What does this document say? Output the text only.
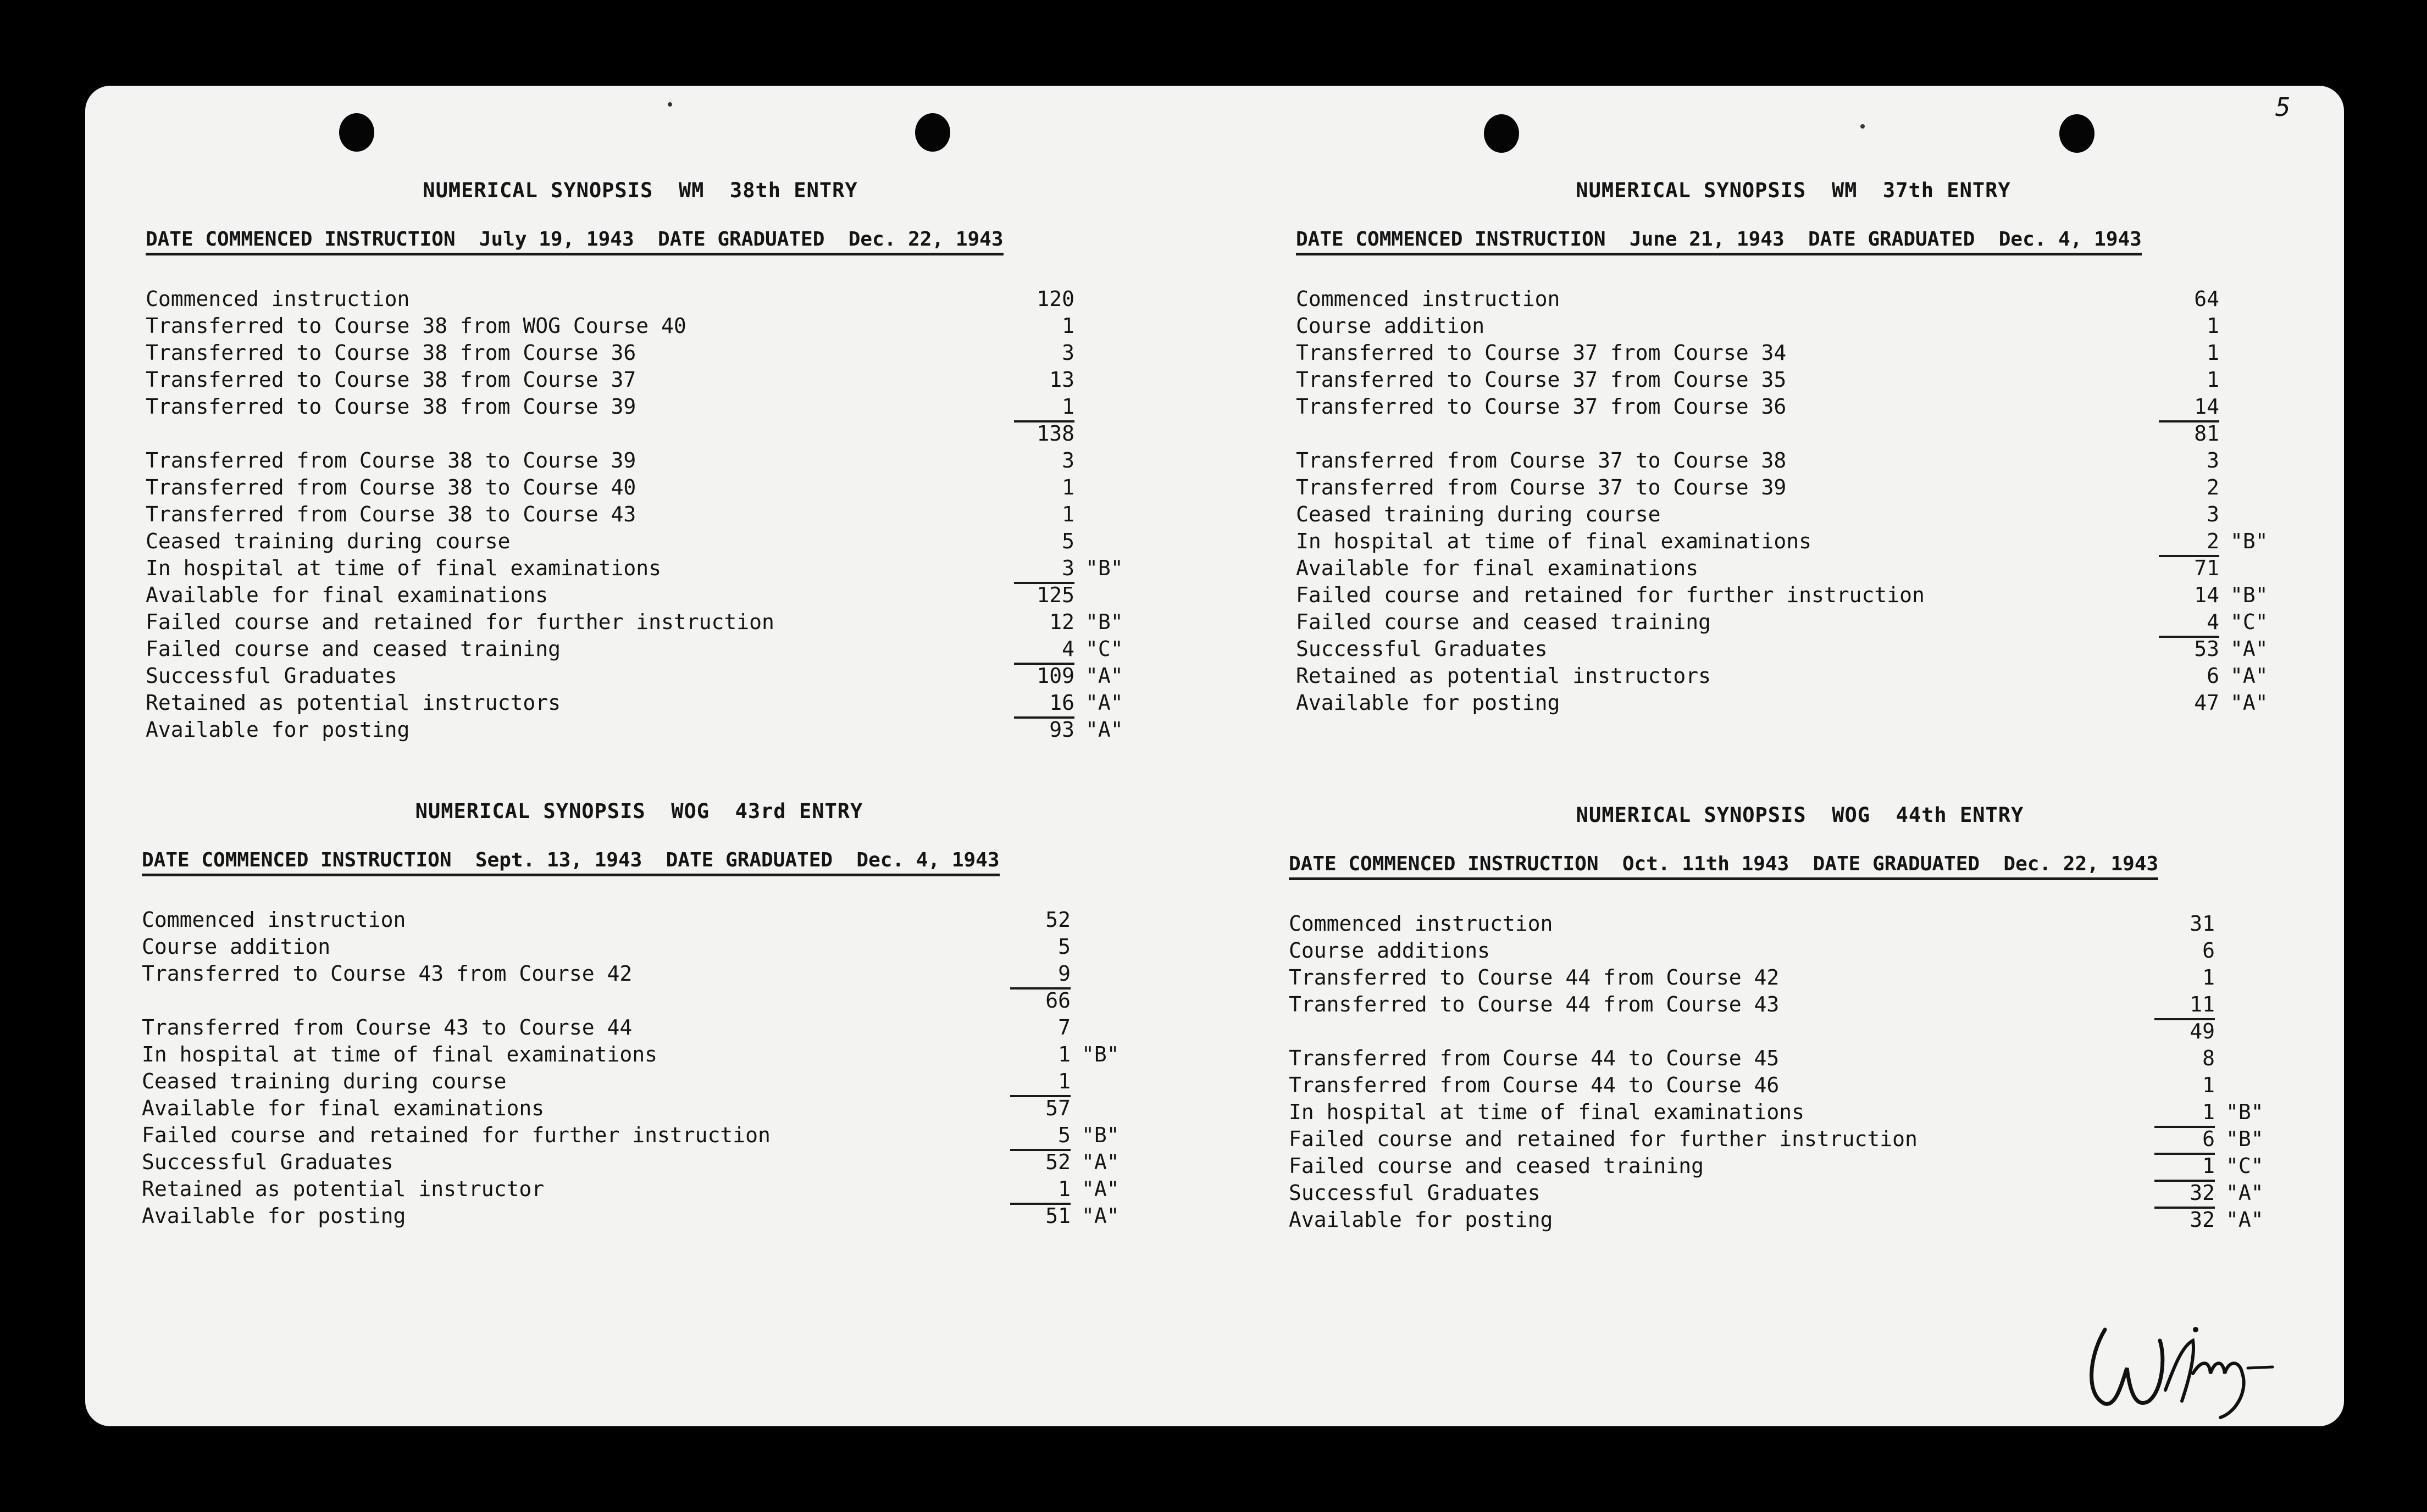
5
NUMERICAL SYNOPSIS  WM  38th ENTRY
DATE COMMENCED INSTRUCTION  July 19, 1943  DATE GRADUATED  Dec. 22, 1943
Commenced instruction	120
Transferred to Course 38 from WOG Course 40	1
Transferred to Course 38 from Course 36	3
Transferred to Course 38 from Course 37	13
Transferred to Course 38 from Course 39	1
138
Transferred from Course 38 to Course 39	3
Transferred from Course 38 to Course 40	1
Transferred from Course 38 to Course 43	1
Ceased training during course	5
In hospital at time of final examinations	3 "B"
Available for final examinations	125
Failed course and retained for further instruction	12 "B"
Failed course and ceased training	4 "C"
Successful Graduates	109 "A"
Retained as potential instructors	16 "A"
Available for posting	93 "A"
NUMERICAL SYNOPSIS  WM  37th ENTRY
DATE COMMENCED INSTRUCTION  June 21, 1943  DATE GRADUATED  Dec. 4, 1943
Commenced instruction	64
Course addition	1
Transferred to Course 37 from Course 34	1
Transferred to Course 37 from Course 35	1
Transferred to Course 37 from Course 36	14
81
Transferred from Course 37 to Course 38	3
Transferred from Course 37 to Course 39	2
Ceased training during course	3
In hospital at time of final examinations	2 "B"
Available for final examinations	71
Failed course and retained for further instruction	14 "B"
Failed course and ceased training	4 "C"
Successful Graduates	53 "A"
Retained as potential instructors	6 "A"
Available for posting	47 "A"
NUMERICAL SYNOPSIS  WOG  43rd ENTRY
DATE COMMENCED INSTRUCTION  Sept. 13, 1943  DATE GRADUATED  Dec. 4, 1943
Commenced instruction	52
Course addition	5
Transferred to Course 43 from Course 42	9
66
Transferred from Course 43 to Course 44	7
In hospital at time of final examinations	1 "B"
Ceased training during course	1
Available for final examinations	57
Failed course and retained for further instruction	5 "B"
Successful Graduates	52 "A"
Retained as potential instructor	1 "A"
Available for posting	51 "A"
NUMERICAL SYNOPSIS  WOG  44th ENTRY
DATE COMMENCED INSTRUCTION  Oct. 11th 1943  DATE GRADUATED  Dec. 22, 1943
Commenced instruction	31
Course additions	6
Transferred to Course 44 from Course 42	1
Transferred to Course 44 from Course 43	11
49
Transferred from Course 44 to Course 45	8
Transferred from Course 44 to Course 46	1
In hospital at time of final examinations	1 "B"
Failed course and retained for further instruction	6 "B"
Failed course and ceased training	1 "C"
Successful Graduates	32 "A"
Available for posting	32 "A"
